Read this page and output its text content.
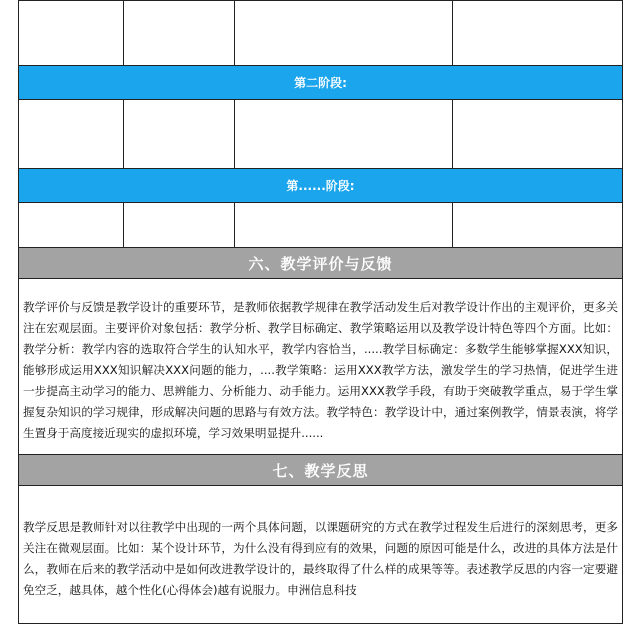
第二阶段:			

第......阶段:			

六、教学评价与反馈			
教学评价与反馈是教学设计的重要环节，是教师依据教学规律在教学活动发生后对教学设计作出的主观评价，更多关注在宏观层面。主要评价对象包括：教学分析、教学目标确定、教学策略运用以及教学设计特色等四个方面。比如：教学分析：教学内容的选取符合学生的认知水平，教学内容恰当，.....教学目标确定：多数学生能够掌握XXX知识，能够形成运用XXX知识解决XXX问题的能力，....教学策略：运用XXX教学方法，激发学生的学习热情，促进学生进一步提高主动学习的能力、思辨能力、分析能力、动手能力。运用XXX教学手段，有助于突破教学重点，易于学生掌握复杂知识的学习规律，形成解决问题的思路与有效方法。教学特色：教学设计中，通过案例教学，情景表演，将学生置身于高度接近现实的虚拟环境，学习效果明显提升......			
七、教学反思			
教学反思是教师针对以往教学中出现的一两个具体问题，以课题研究的方式在教学过程发生后进行的深刻思考，更多关注在微观层面。比如：某个设计环节，为什么没有得到应有的效果，问题的原因可能是什么，改进的具体方法是什么，教师在后来的教学活动中是如何改进教学设计的，最终取得了什么样的成果等等。表述教学反思的内容一定要避免空乏，越具体，越个性化(心得体会)越有说服力。申洲信息科技			
